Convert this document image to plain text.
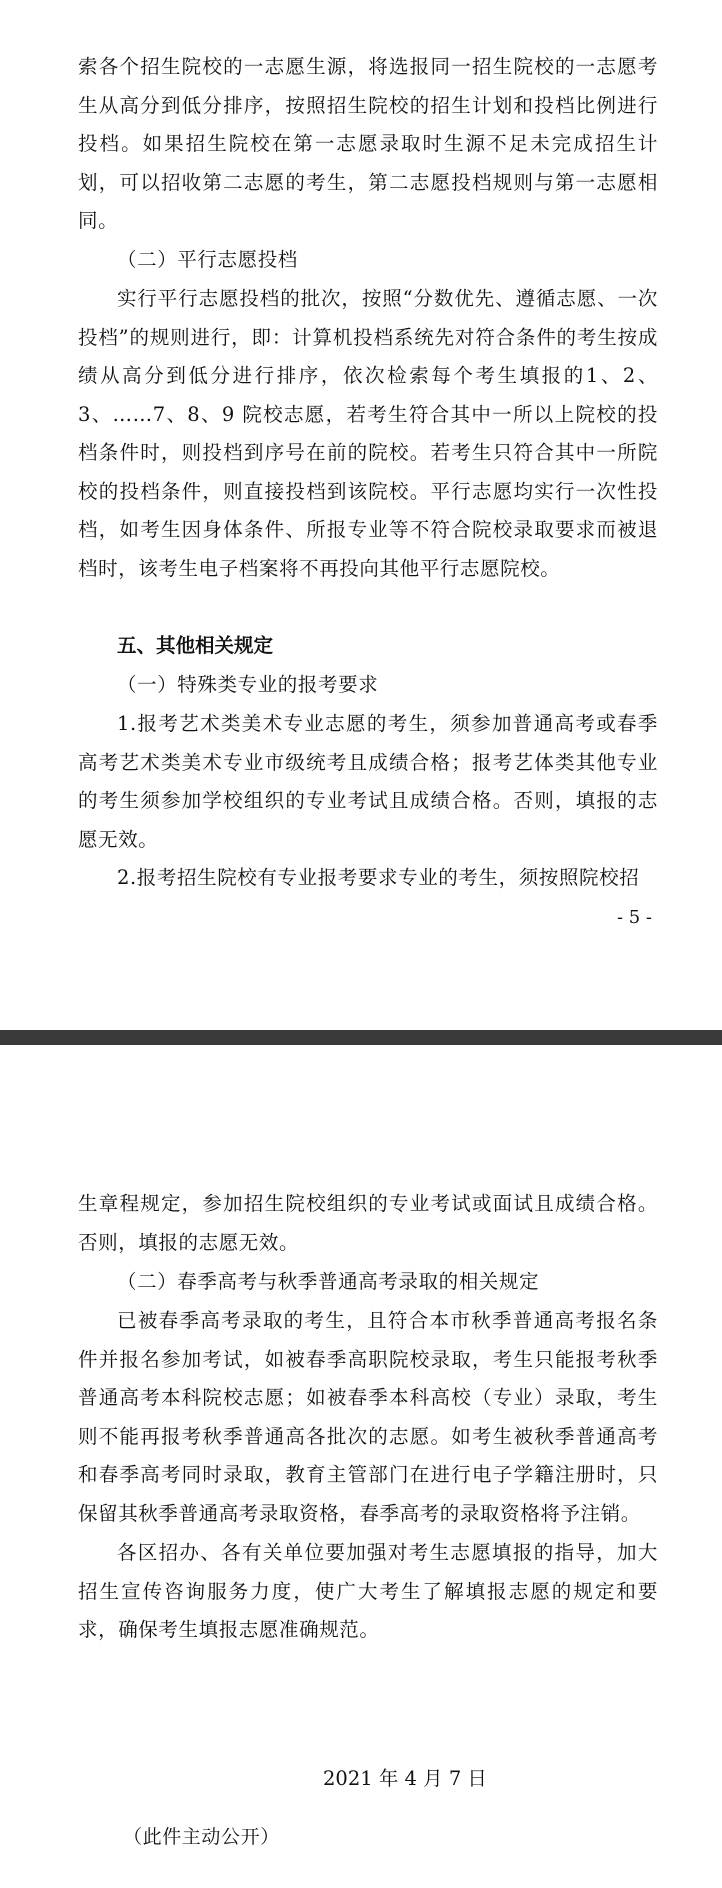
索各个招生院校的一志愿生源，将选报同一招生院校的一志愿考生从高分到低分排序，按照招生院校的招生计划和投档比例进行投档。如果招生院校在第一志愿录取时生源不足未完成招生计划，可以招收第二志愿的考生，第二志愿投档规则与第一志愿相同。

（二）平行志愿投档

实行平行志愿投档的批次，按照“分数优先、遵循志愿、一次投档”的规则进行，即：计算机投档系统先对符合条件的考生按成绩从高分到低分进行排序，依次检索每个考生填报的1、2、3、……7、8、9 院校志愿，若考生符合其中一所以上院校的投档条件时，则投档到序号在前的院校。若考生只符合其中一所院校的投档条件，则直接投档到该院校。平行志愿均实行一次性投档，如考生因身体条件、所报专业等不符合院校录取要求而被退档时，该考生电子档案将不再投向其他平行志愿院校。

五、其他相关规定

（一）特殊类专业的报考要求

1.报考艺术类美术专业志愿的考生，须参加普通高考或春季高考艺术类美术专业市级统考且成绩合格；报考艺体类其他专业的考生须参加学校组织的专业考试且成绩合格。否则，填报的志愿无效。

2.报考招生院校有专业报考要求专业的考生，须按照院校招

- 5 -

生章程规定，参加招生院校组织的专业考试或面试且成绩合格。否则，填报的志愿无效。

（二）春季高考与秋季普通高考录取的相关规定

已被春季高考录取的考生，且符合本市秋季普通高考报名条件并报名参加考试，如被春季高职院校录取，考生只能报考秋季普通高考本科院校志愿；如被春季本科高校（专业）录取，考生则不能再报考秋季普通高各批次的志愿。如考生被秋季普通高考和春季高考同时录取，教育主管部门在进行电子学籍注册时，只保留其秋季普通高考录取资格，春季高考的录取资格将予注销。

各区招办、各有关单位要加强对考生志愿填报的指导，加大招生宣传咨询服务力度，使广大考生了解填报志愿的规定和要求，确保考生填报志愿准确规范。

2021 年 4 月 7 日

（此件主动公开）
